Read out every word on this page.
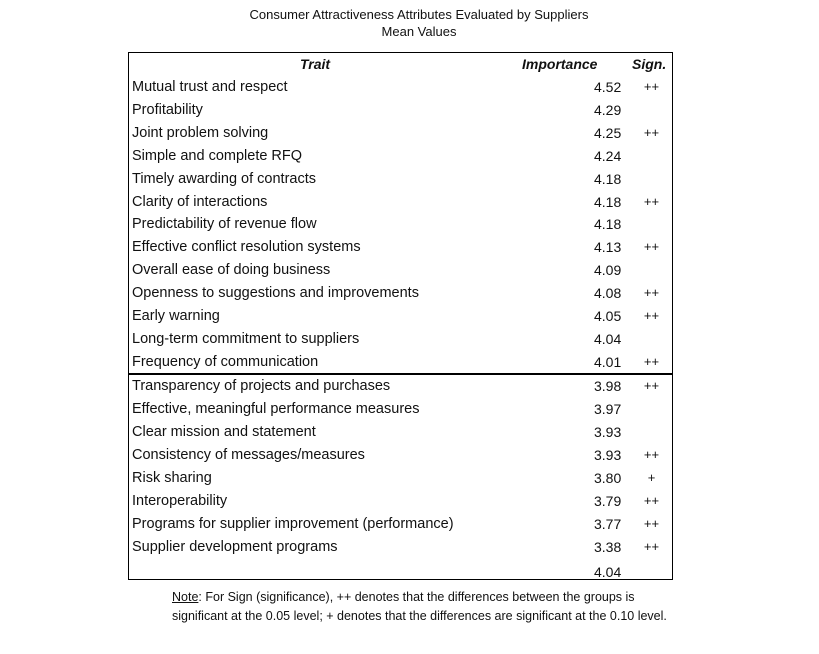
Consumer Attractiveness Attributes Evaluated by Suppliers
Mean Values
Trait	Importance Sign.
Mutual trust and respect	4.52	++
Profitability	4.29
Joint problem solving	4.25	++
Simple and complete RFQ	4.24
Timely awarding of contracts	4.18
Clarity of interactions	4.18	++
Predictability of revenue flow	4.18
Effective conflict resolution systems	4.13	++
Overall ease of doing business	4.09
Openness to suggestions and improvements	4.08	++
Early warning	4.05	++
Long-term commitment to suppliers	4.04
Frequency of communication	4.01	++
Transparency of projects and purchases	3.98	++
Effective, meaningful performance measures	3.97
Clear mission and statement	3.93
Consistency of messages/measures	3.93	++
Risk sharing	3.80	+
Interoperability	3.79	++
Programs for supplier improvement (performance)	3.77	++
Supplier development programs	3.38	++
4.04
Note: For Sign (significance), ++ denotes that the differences between the groups is significant at the 0.05 level; + denotes that the differences are significant at the 0.10 level.
